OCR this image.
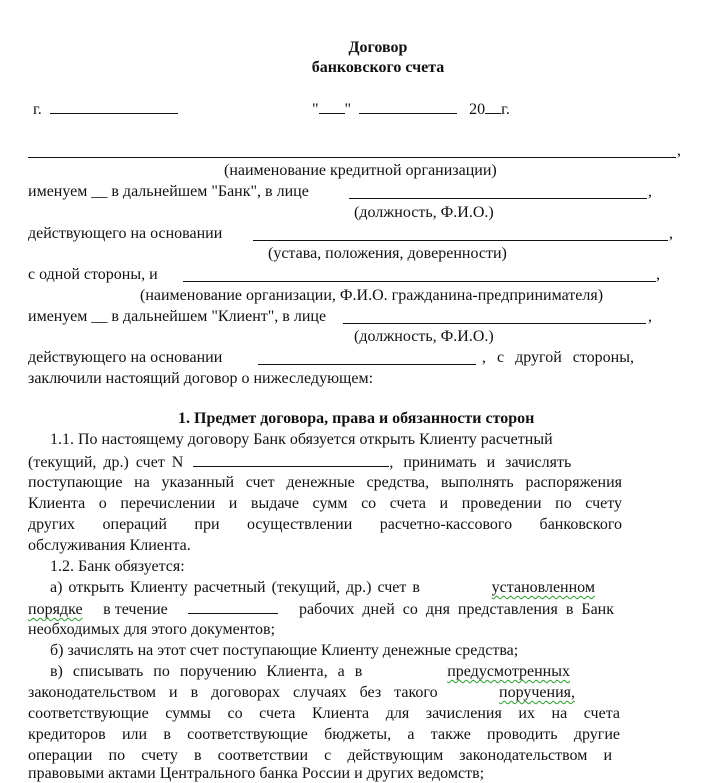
Договор
банковского счета
г.	" "	20 г.
,
(наименование кредитной организации)
именуем __ в дальнейшем "Банк", в лице	,
(должность, Ф.И.О.)
действующего на основании	,
(устава, положения, доверенности)
с одной стороны, и	,
(наименование организации, Ф.И.О. гражданина-предпринимателя)
именуем __ в дальнейшем "Клиент", в лице	,
(должность, Ф.И.О.)
действующего на основании	, с другой стороны,
заключили настоящий договор о нижеследующем:
1. Предмет договора, права и обязанности сторон
1.1. По настоящему договору Банк обязуется открыть Клиенту расчетный
(текущий, др.) счет N	, принимать и зачислять
поступающие на указанный счет денежные средства, выполнять распоряжения
Клиента о перечислении и выдаче сумм со счета и проведении по счету
других операций при осуществлении расчетно-кассового банковского
обслуживания Клиента.
1.2. Банк обязуется:
а) открыть Клиенту расчетный (текущий, др.) счет в	установленном
порядке в течение	рабочих дней со дня представления в Банк
необходимых для этого документов;
б) зачислять на этот счет поступающие Клиенту денежные средства;
в) списывать по поручению Клиента, а в	предусмотренных
законодательством и в договорах случаях без такого	поручения,
соответствующие суммы со счета Клиента для зачисления их на счета
кредиторов или в соответствующие бюджеты, а также проводить другие
операции по счету в соответствии с действующим законодательством и
правовыми актами Центрального банка России и других ведомств;
